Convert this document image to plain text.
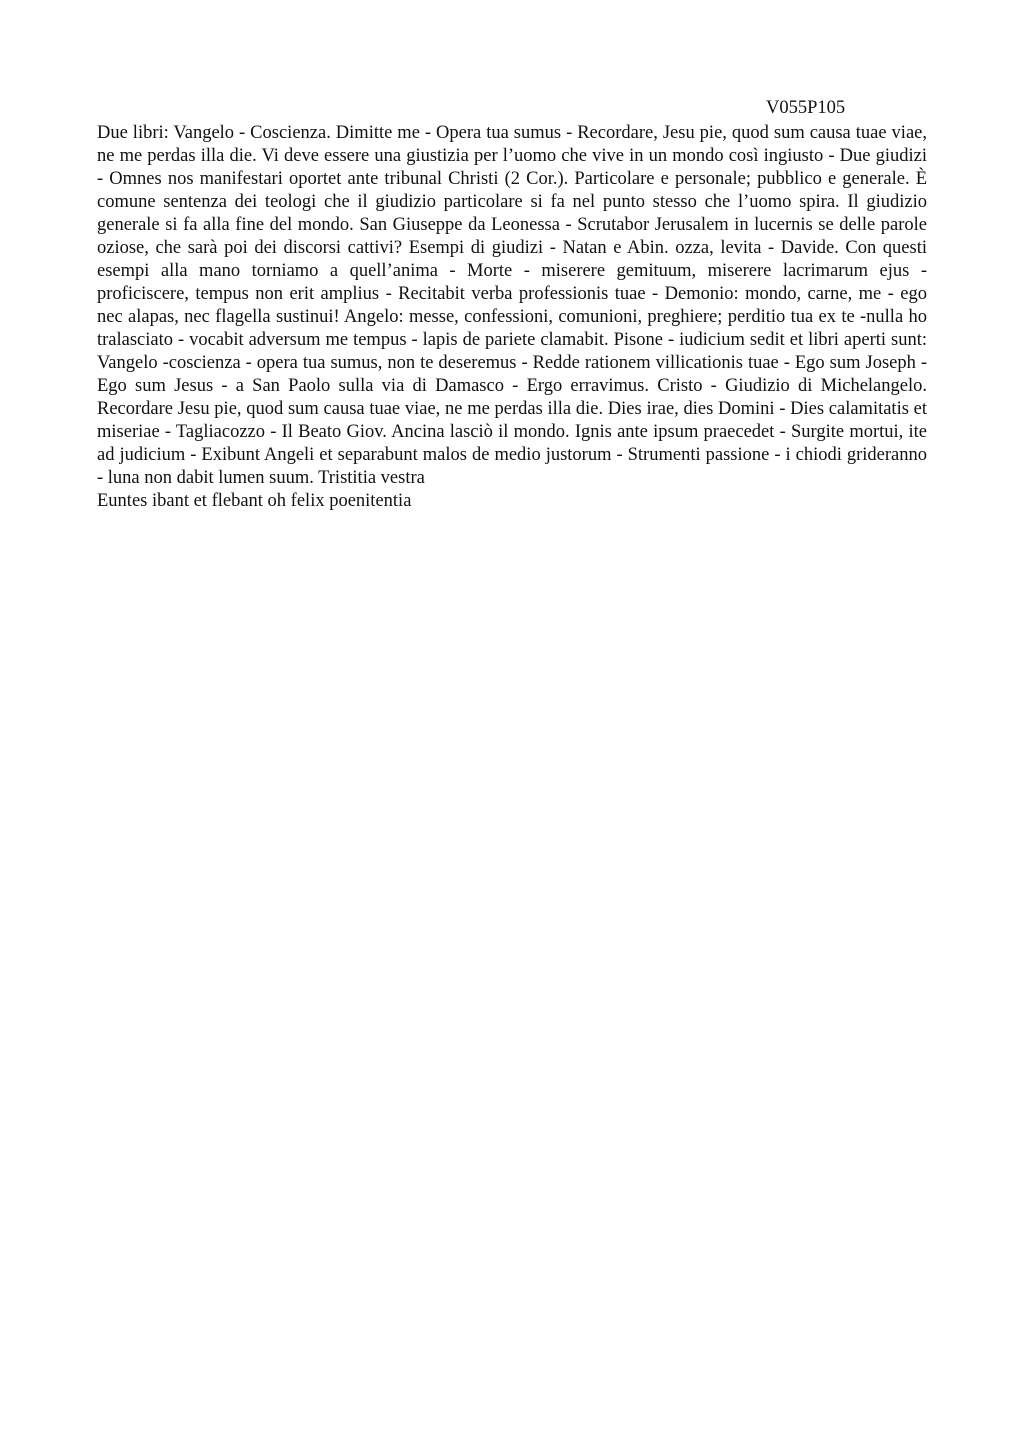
V055P105

Due libri: Vangelo - Coscienza. Dimitte me - Opera tua sumus - Recordare, Jesu pie, quod sum causa tuae viae, ne me perdas illa die. Vi deve essere una giustizia per l’uomo che vive in un mondo così ingiusto - Due giudizi - Omnes nos manifestari oportet ante tribunal Christi (2 Cor.). Particolare e personale; pubblico e generale. È comune sentenza dei teologi che il giudizio particolare si fa nel punto stesso che l’uomo spira. Il giudizio generale si fa alla fine del mondo. San Giuseppe da Leonessa - Scrutabor Jerusalem in lucernis se delle parole oziose, che sarà poi dei discorsi cattivi? Esempi di giudizi - Natan e Abin. ozza, levita - Davide. Con questi esempi alla mano torniamo a quell’anima - Morte - miserere gemituum, miserere lacrimarum ejus - proficiscere, tempus non erit amplius - Recitabit verba professionis tuae - Demonio: mondo, carne, me - ego nec alapas, nec flagella sustinui! Angelo: messe, confessioni, comunioni, preghiere; perditio tua ex te -nulla ho tralasciato - vocabit adversum me tempus - lapis de pariete clamabit. Pisone - iudicium sedit et libri aperti sunt: Vangelo -coscienza - opera tua sumus, non te deseremus - Redde rationem villicationis tuae - Ego sum Joseph - Ego sum Jesus - a San Paolo sulla via di Damasco - Ergo erravimus. Cristo - Giudizio di Michelangelo. Recordare Jesu pie, quod sum causa tuae viae, ne me perdas illa die. Dies irae, dies Domini - Dies calamitatis et miseriae - Tagliacozzo - Il Beato Giov. Ancina lasciò il mondo. Ignis ante ipsum praecedet - Surgite mortui, ite ad judicium - Exibunt Angeli et separabunt malos de medio justorum - Strumenti passione - i chiodi grideranno - luna non dabit lumen suum. Tristitia vestra
Euntes ibant et flebant oh felix poenitentia
